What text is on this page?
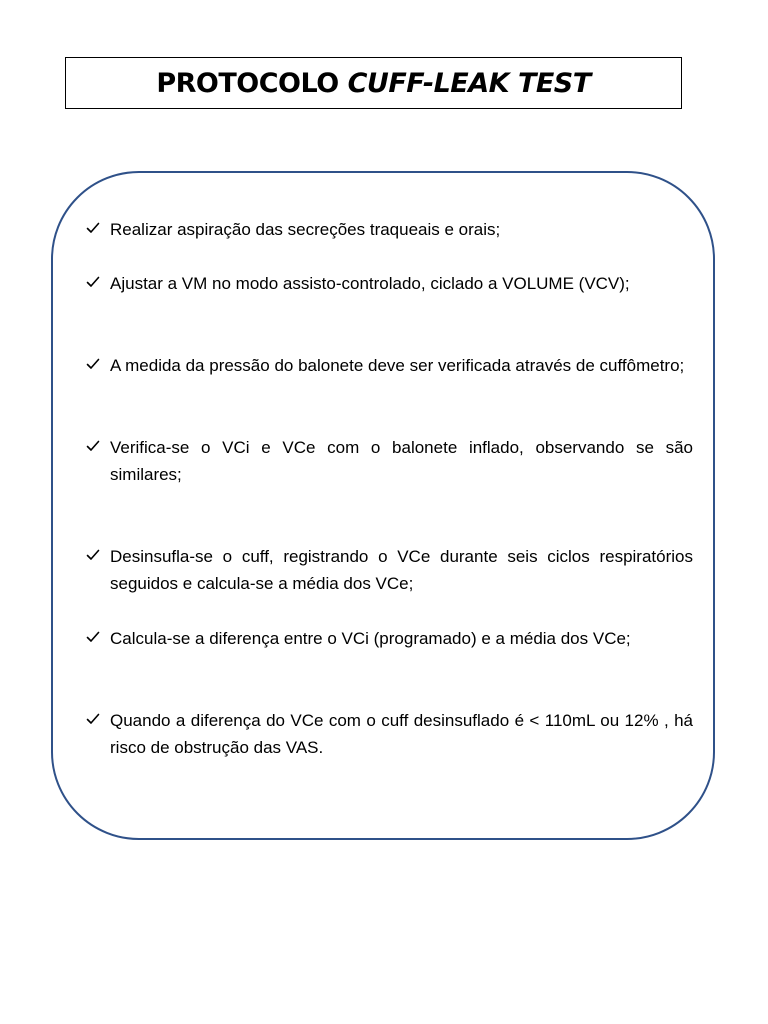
PROTOCOLO CUFF-LEAK TEST
Realizar aspiração das secreções traqueais e orais;
Ajustar a VM no modo assisto-controlado, ciclado a VOLUME (VCV);
A medida da pressão do balonete deve ser verificada através de cuffômetro;
Verifica-se o VCi e VCe com o balonete inflado, observando se são similares;
Desinsufla-se o cuff, registrando o VCe durante seis ciclos respiratórios seguidos e calcula-se a média dos VCe;
Calcula-se a diferença entre o VCi (programado) e a média dos VCe;
Quando a diferença do VCe com o cuff desinsuflado é < 110mL ou 12% , há risco de obstrução das VAS.
